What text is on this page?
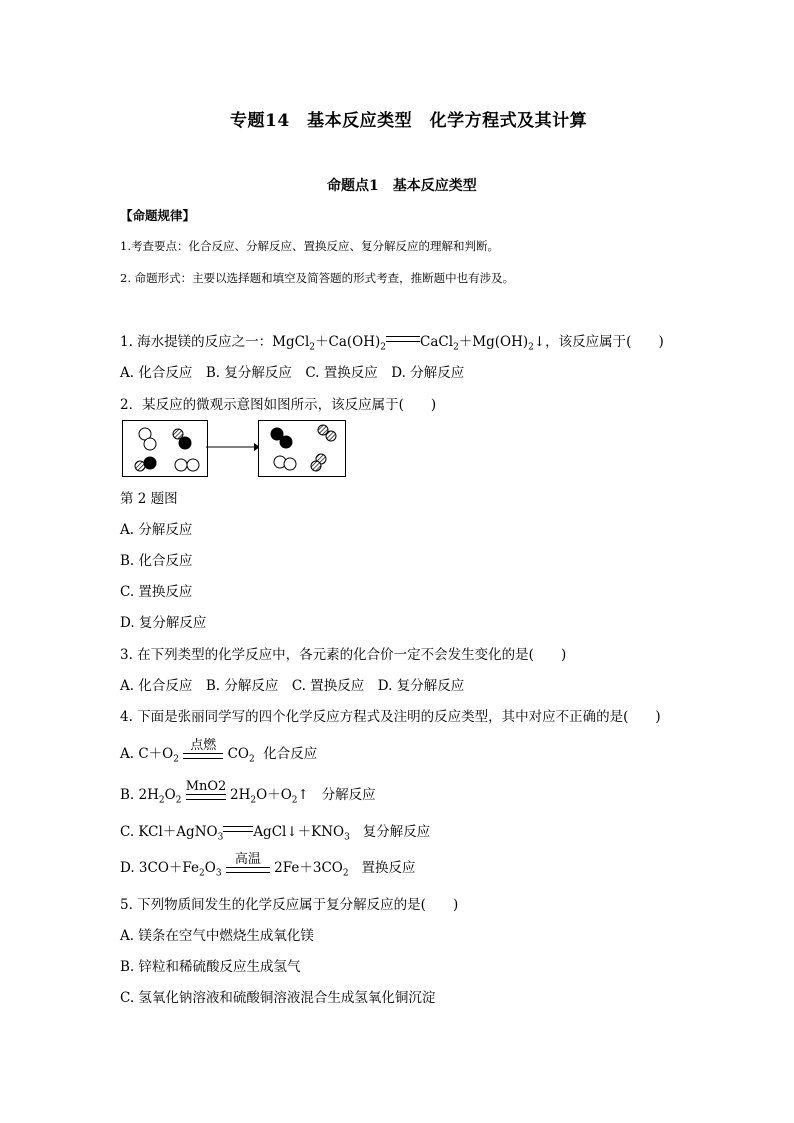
专题14　基本反应类型　化学方程式及其计算
命题点1　基本反应类型
【命题规律】
1.考查要点：化合反应、分解反应、置换反应、复分解反应的理解和判断。
2. 命题形式：主要以选择题和填空及简答题的形式考查，推断题中也有涉及。
1. 海水提镁的反应之一：$MgCl_2+Ca(OH)_2$	$CaCl_2+Mg(OH)_2↓$，该反应属于(　　)
A. 化合反应　B. 复分解反应　C. 置换反应　D. 分解反应
2．某反应的微观示意图如图所示，该反应属于(　　)
第 2 题图
A. 分解反应
B. 化合反应
C. 置换反应
D. 复分解反应
3. 在下列类型的化学反应中，各元素的化合价一定不会发生变化的是(　　)
A. 化合反应　B. 分解反应　C. 置换反应　D. 复分解反应
4. 下面是张丽同学写的四个化学反应方程式及注明的反应类型，其中对应不正确的是(　　)
A. $C+O_2$
点燃
$CO_2$ 化合反应
B. $2H_2O_2$
MnO2
$2H_2O+O_2↑$ 分解反应
C. KCl＋AgNO$_3$ $AgCl↓+KNO_3$ 复分解反应
D. $3CO+Fe_2O_3$
高温
$2Fe+3CO_2$ 置换反应
5. 下列物质间发生的化学反应属于复分解反应的是(　　)
A. 镁条在空气中燃烧生成氧化镁
B. 锌粒和稀硫酸反应生成氢气
C. 氢氧化钠溶液和硫酸铜溶液混合生成氢氧化铜沉淀
